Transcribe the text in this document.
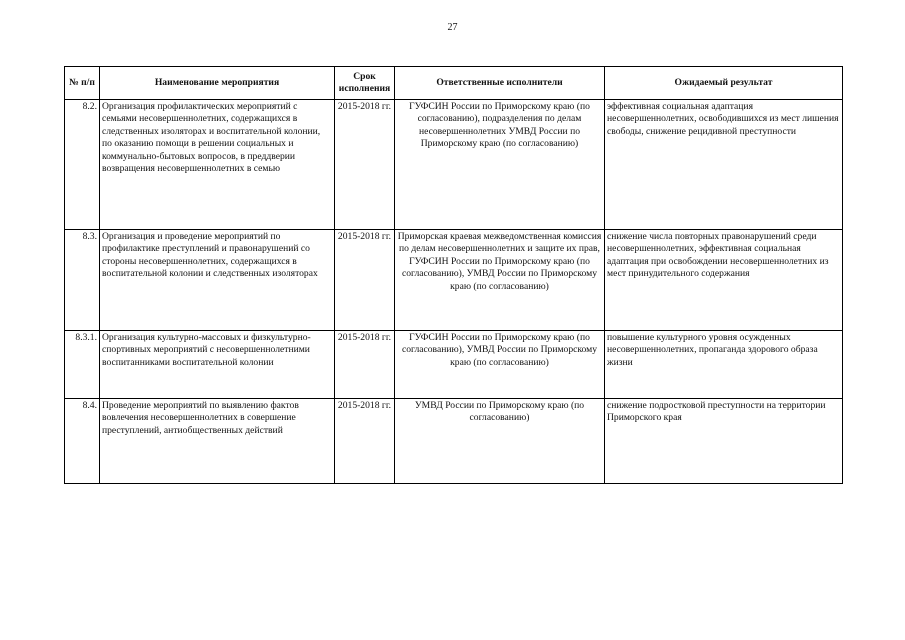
27
№ п/п	Наименование мероприятия	Срок исполнения	Ответственные исполнители	Ожидаемый результат
8.2.	Организация профилактических мероприятий с семьями несовершеннолетних, содержащихся в следственных изоляторах и воспитательной колонии, по оказанию помощи в решении социальных и коммунально-бытовых вопросов, в преддверии возвращения несовершеннолетних в семью	2015-2018 гг.	ГУФСИН России по Приморскому краю (по согласованию), подразделения по делам несовершеннолетних УМВД России по Приморскому краю (по согласованию)	эффективная социальная адаптация несовершеннолетних, освободившихся из мест лишения свободы, снижение рецидивной преступности
8.3.	Организация и проведение мероприятий по профилактике преступлений и правонарушений со стороны несовершеннолетних, содержащихся в воспитательной колонии и следственных изоляторах	2015-2018 гг.	Приморская краевая межведомственная комиссия по делам несовершеннолетних и защите их прав, ГУФСИН России по Приморскому краю (по согласованию), УМВД России по Приморскому краю (по согласованию)	снижение числа повторных правонарушений среди несовершеннолетних, эффективная социальная адаптация при освобождении несовершеннолетних из мест принудительного содержания
8.3.1.	Организация культурно-массовых и физкультурно-спортивных мероприятий с несовершеннолетними воспитанниками воспитательной колонии	2015-2018 гг.	ГУФСИН России по Приморскому краю (по согласованию), УМВД России по Приморскому краю (по согласованию)	повышение культурного уровня осужденных несовершеннолетних, пропаганда здорового образа жизни
8.4.	Проведение мероприятий по выявлению фактов вовлечения несовершеннолетних в совершение преступлений, антиобщественных действий	2015-2018 гг.	УМВД России по Приморскому краю (по согласованию)	снижение подростковой преступности на территории Приморского края
